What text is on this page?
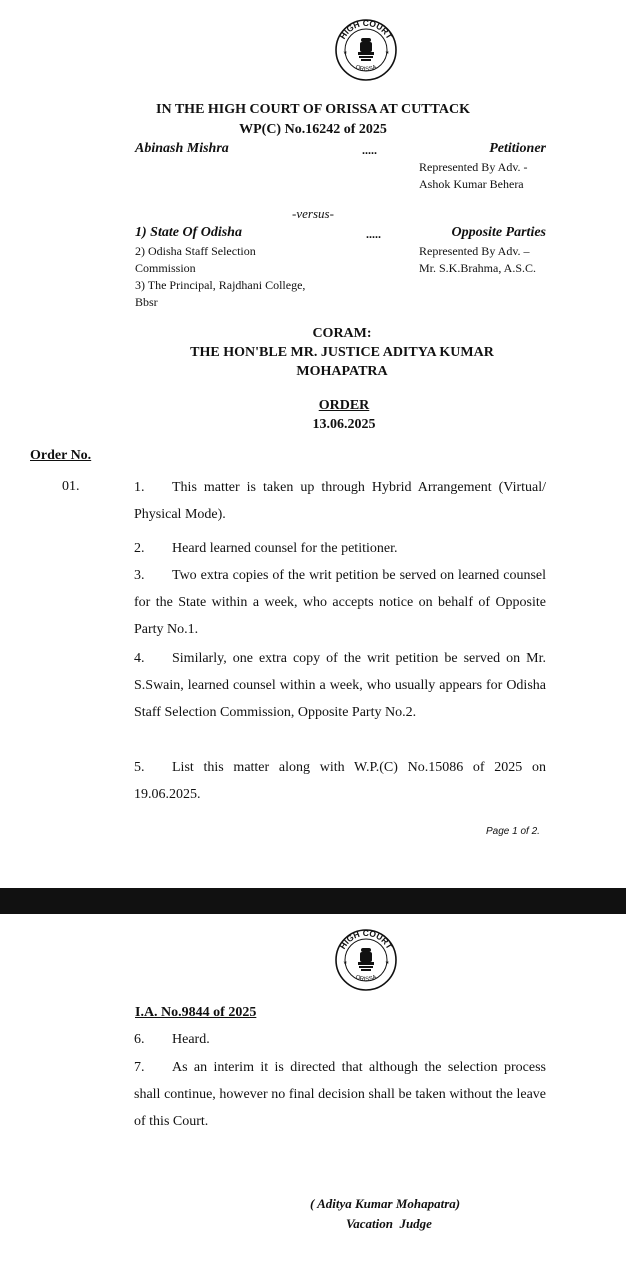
HIGH COURT
ORISSA
★	★
IN THE HIGH COURT OF ORISSA AT CUTTACK
WP(C) No.16242 of 2025
Abinash Mishra	.....	Petitioner
Represented By Adv. -
Ashok Kumar Behera
-versus-
1) State Of Odisha	.....	Opposite Parties
2) Odisha Staff Selection	Represented By Adv. –
Commission	Mr. S.K.Brahma, A.S.C.
3) The Principal, Rajdhani College,
Bbsr
CORAM:
THE HON'BLE MR. JUSTICE ADITYA KUMAR
MOHAPATRA
ORDER
13.06.2025
Order No.
01.	1. This matter is taken up through Hybrid Arrangement (Virtual/ Physical Mode).
2. Heard learned counsel for the petitioner.
3. Two extra copies of the writ petition be served on learned counsel for the State within a week, who accepts notice on behalf of Opposite Party No.1.
4. Similarly, one extra copy of the writ petition be served on Mr. S.Swain, learned counsel within a week, who usually appears for Odisha Staff Selection Commission, Opposite Party No.2.
5. List this matter along with W.P.(C) No.15086 of 2025 on 19.06.2025.
Page 1 of 2.
HIGH COURT
ORISSA
★	★
I.A. No.9844 of 2025
6. Heard.
7. As an interim it is directed that although the selection process shall continue, however no final decision shall be taken without the leave of this Court.
( Aditya Kumar Mohapatra)
Vacation  Judge
